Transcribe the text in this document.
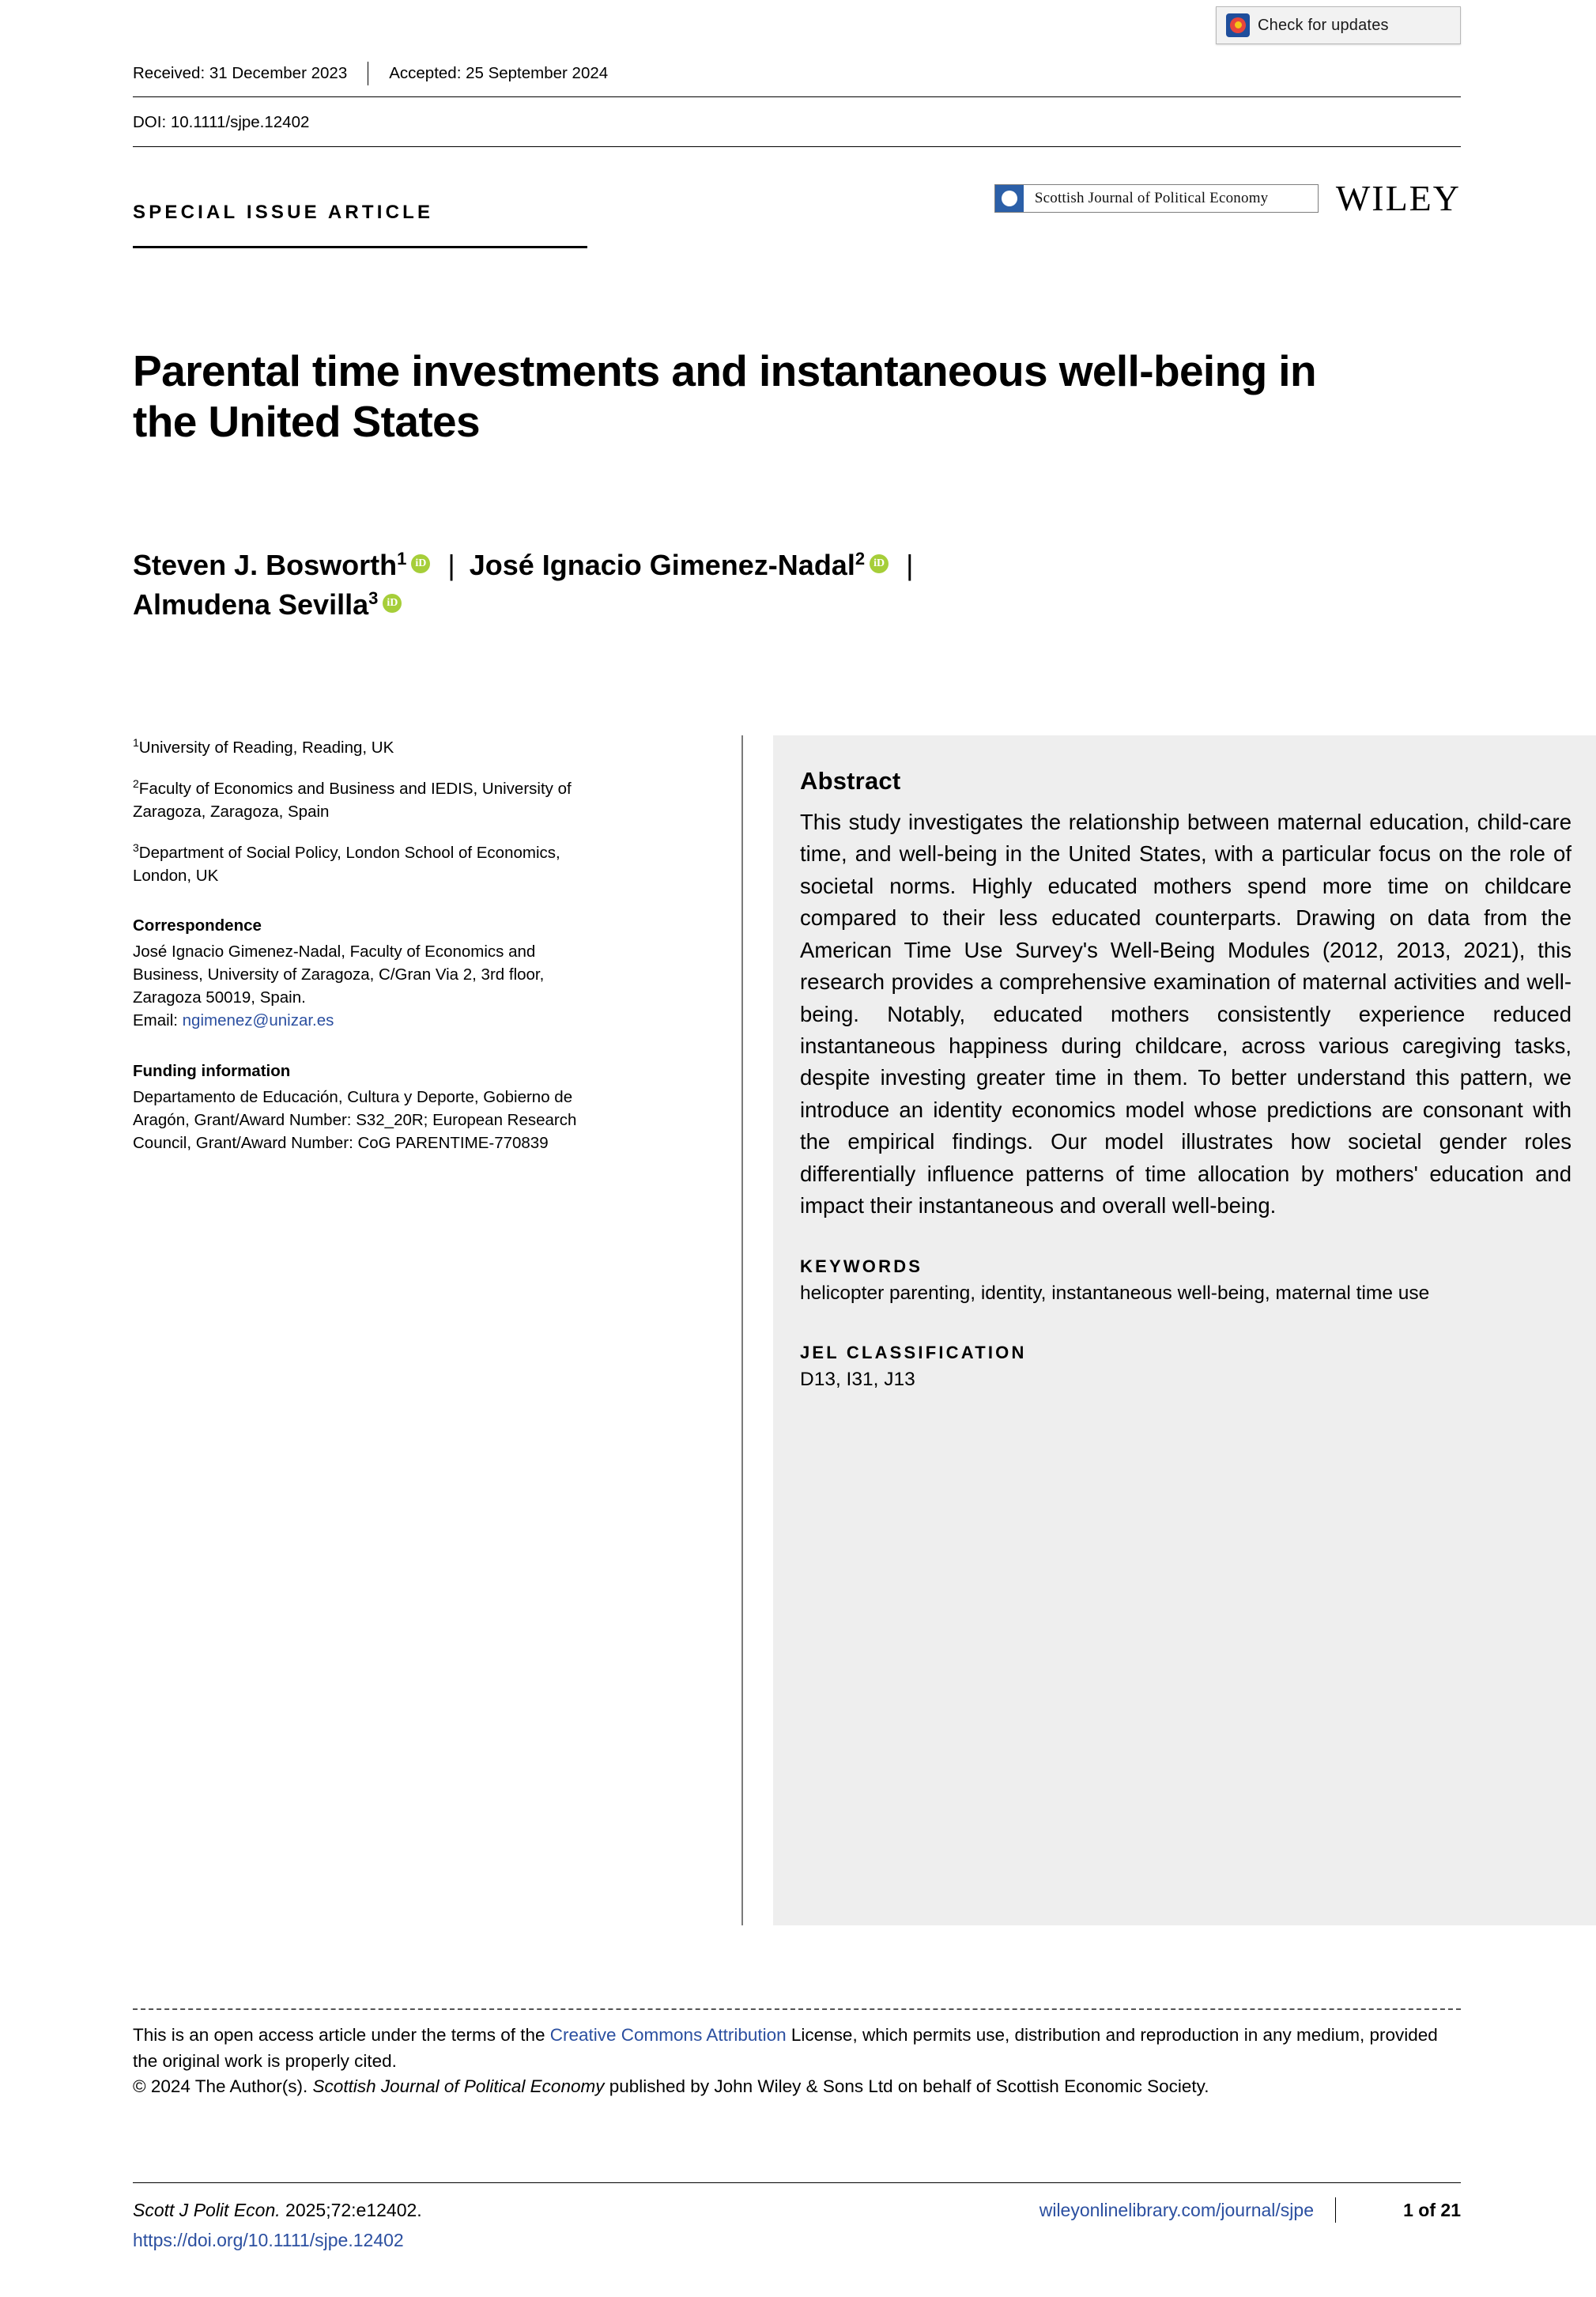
Check for updates
Received: 31 December 2023	Accepted: 25 September 2024
DOI: 10.1111/sjpe.12402
SPECIAL ISSUE ARTICLE
Scottish Journal of Political Economy WILEY
Parental time investments and instantaneous well-being in the United States
Steven J. Bosworth$^1$ iD | José Ignacio Gimenez-Nadal$^2$ iD |
Almudena Sevilla$^3$iD

$^1$University of Reading, Reading, UK

$^2$Faculty of Economics and Business and IEDIS, University of Zaragoza, Zaragoza, Spain

$^3$Department of Social Policy, London School of Economics, London, UK

Correspondence
José Ignacio Gimenez-Nadal, Faculty of Economics and Business, University of Zaragoza, C/Gran Via 2, 3rd floor, Zaragoza 50019, Spain.
Email: ngimenez@unizar.es

Funding information
Departamento de Educación, Cultura y Deporte, Gobierno de Aragón, Grant/Award Number: S32_20R; European Research Council, Grant/Award Number: CoG PARENTIME-770839

Abstract

This study investigates the relationship between maternal education, child-care time, and well-being in the United States, with a particular focus on the role of societal norms. Highly educated mothers spend more time on childcare compared to their less educated counterparts. Drawing on data from the American Time Use Survey's Well-Being Modules (2012, 2013, 2021), this research provides a comprehensive examination of maternal activities and well-being. Notably, educated mothers consistently experience reduced instantaneous happiness during childcare, across various caregiving tasks, despite investing greater time in them. To better understand this pattern, we introduce an identity economics model whose predictions are consonant with the empirical findings. Our model illustrates how societal gender roles differentially influence patterns of time allocation by mothers' education and impact their instantaneous and overall well-being.

KEYWORDS

helicopter parenting, identity, instantaneous well-being, maternal time use

JEL CLASSIFICATION

D13, I31, J13

This is an open access article under the terms of the Creative Commons Attribution License, which permits use, distribution and reproduction in any medium, provided the original work is properly cited.
© 2024 The Author(s). Scottish Journal of Political Economy published by John Wiley & Sons Ltd on behalf of Scottish Economic Society.
Scott J Polit Econ. 2025;72:e12402.
https://doi.org/10.1111/sjpe.12402
wileyonlinelibrary.com/journal/sjpe	1 of 21
